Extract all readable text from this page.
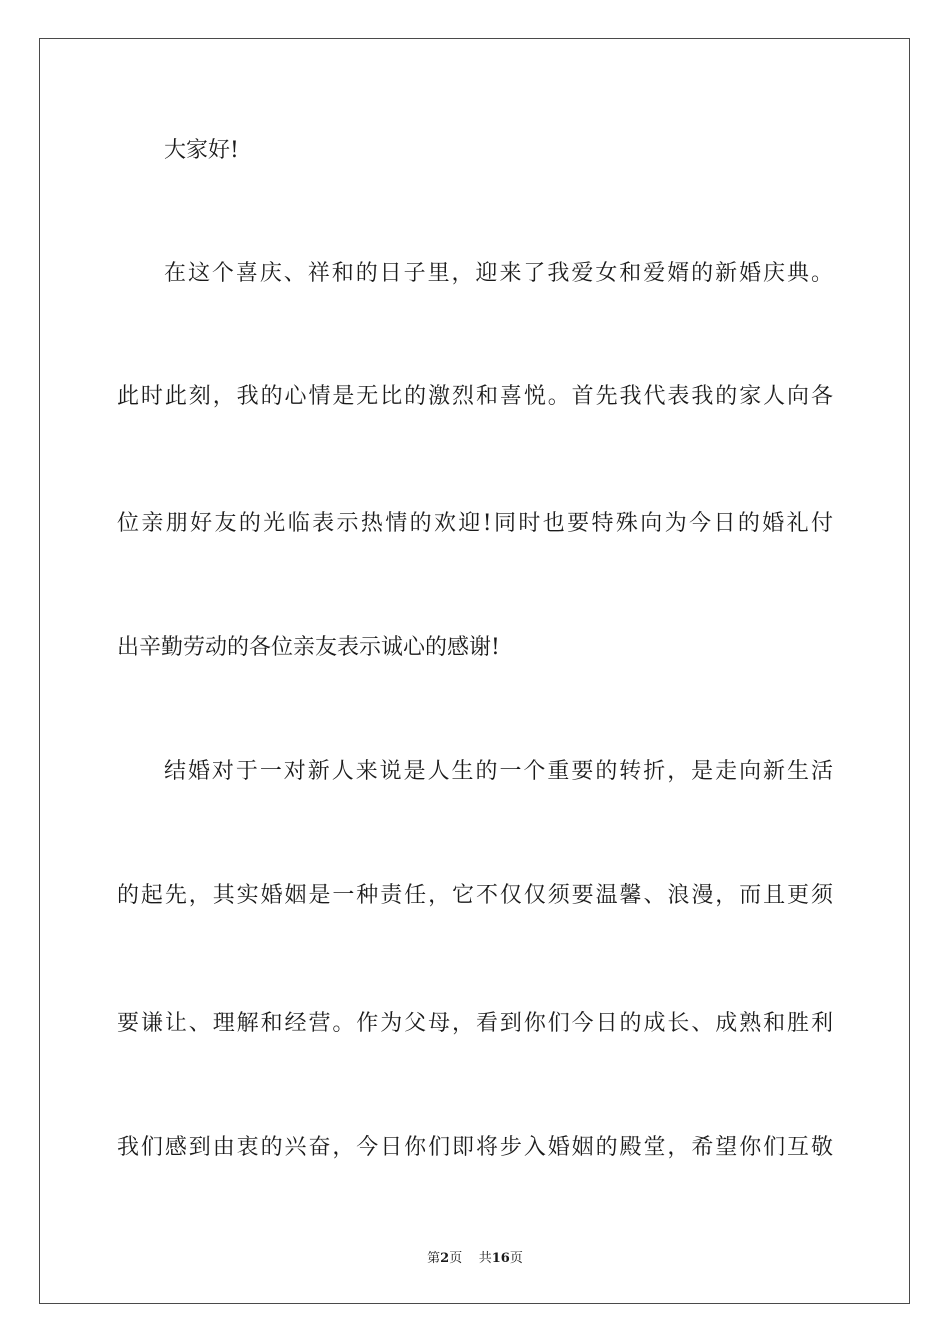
大家好!
在这个喜庆、祥和的日子里，迎来了我爱女和爱婿的新婚庆典。
此时此刻，我的心情是无比的激烈和喜悦。首先我代表我的家人向各
位亲朋好友的光临表示热情的欢迎!同时也要特殊向为今日的婚礼付
出辛勤劳动的各位亲友表示诚心的感谢!
结婚对于一对新人来说是人生的一个重要的转折，是走向新生活
的起先，其实婚姻是一种责任，它不仅仅须要温馨、浪漫，而且更须
要谦让、理解和经营。作为父母，看到你们今日的成长、成熟和胜利
我们感到由衷的兴奋，今日你们即将步入婚姻的殿堂，希望你们互敬
第2页 共16页
